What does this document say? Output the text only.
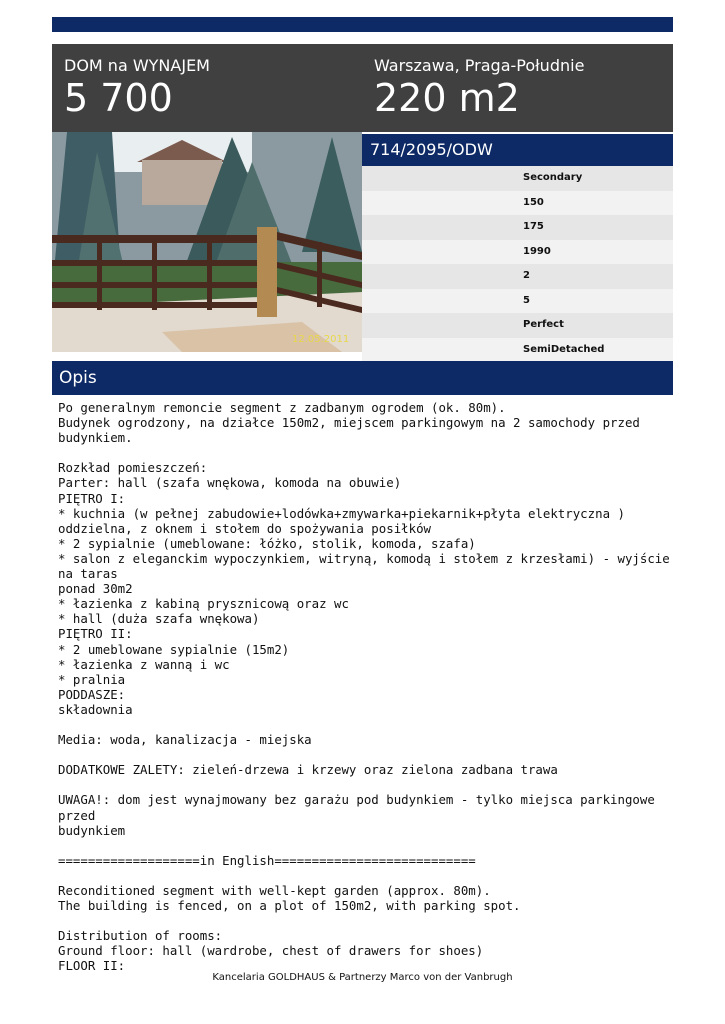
DOM na WYNAJEM
5 700
Warszawa, Praga-Południe
220 m2
12.05.2011
714/2095/ODW
Secondary
150
175
1990
2
5
Perfect
SemiDetached
Opis
Po generalnym remoncie segment z zadbanym ogrodem (ok. 80m).
Budynek ogrodzony, na działce 150m2, miejscem parkingowym na 2 samochody przed budynkiem.

Rozkład pomieszczeń:
Parter: hall (szafa wnękowa, komoda na obuwie)
PIĘTRO I:
* kuchnia (w pełnej zabudowie+lodówka+zmywarka+piekarnik+płyta elektryczna )
oddzielna, z oknem i stołem do spożywania posiłków
* 2 sypialnie (umeblowane: łóżko, stolik, komoda, szafa)
* salon z eleganckim wypoczynkiem, witryną, komodą i stołem z krzesłami) - wyjście na taras
ponad 30m2
* łazienka z kabiną prysznicową oraz wc
* hall (duża szafa wnękowa)
PIĘTRO II:
* 2 umeblowane sypialnie (15m2)
* łazienka z wanną i wc
* pralnia
PODDASZE:
składownia

Media: woda, kanalizacja - miejska

DODATKOWE ZALETY: zieleń-drzewa i krzewy oraz zielona zadbana trawa

UWAGA!: dom jest wynajmowany bez garażu pod budynkiem - tylko miejsca parkingowe przed
budynkiem

===================in English===========================

Reconditioned segment with well-kept garden (approx. 80m).
The building is fenced, on a plot of 150m2, with parking spot.

Distribution of rooms:
Ground floor: hall (wardrobe, chest of drawers for shoes)
FLOOR II:
Kancelaria GOLDHAUS & Partnerzy Marco von der Vanbrugh
